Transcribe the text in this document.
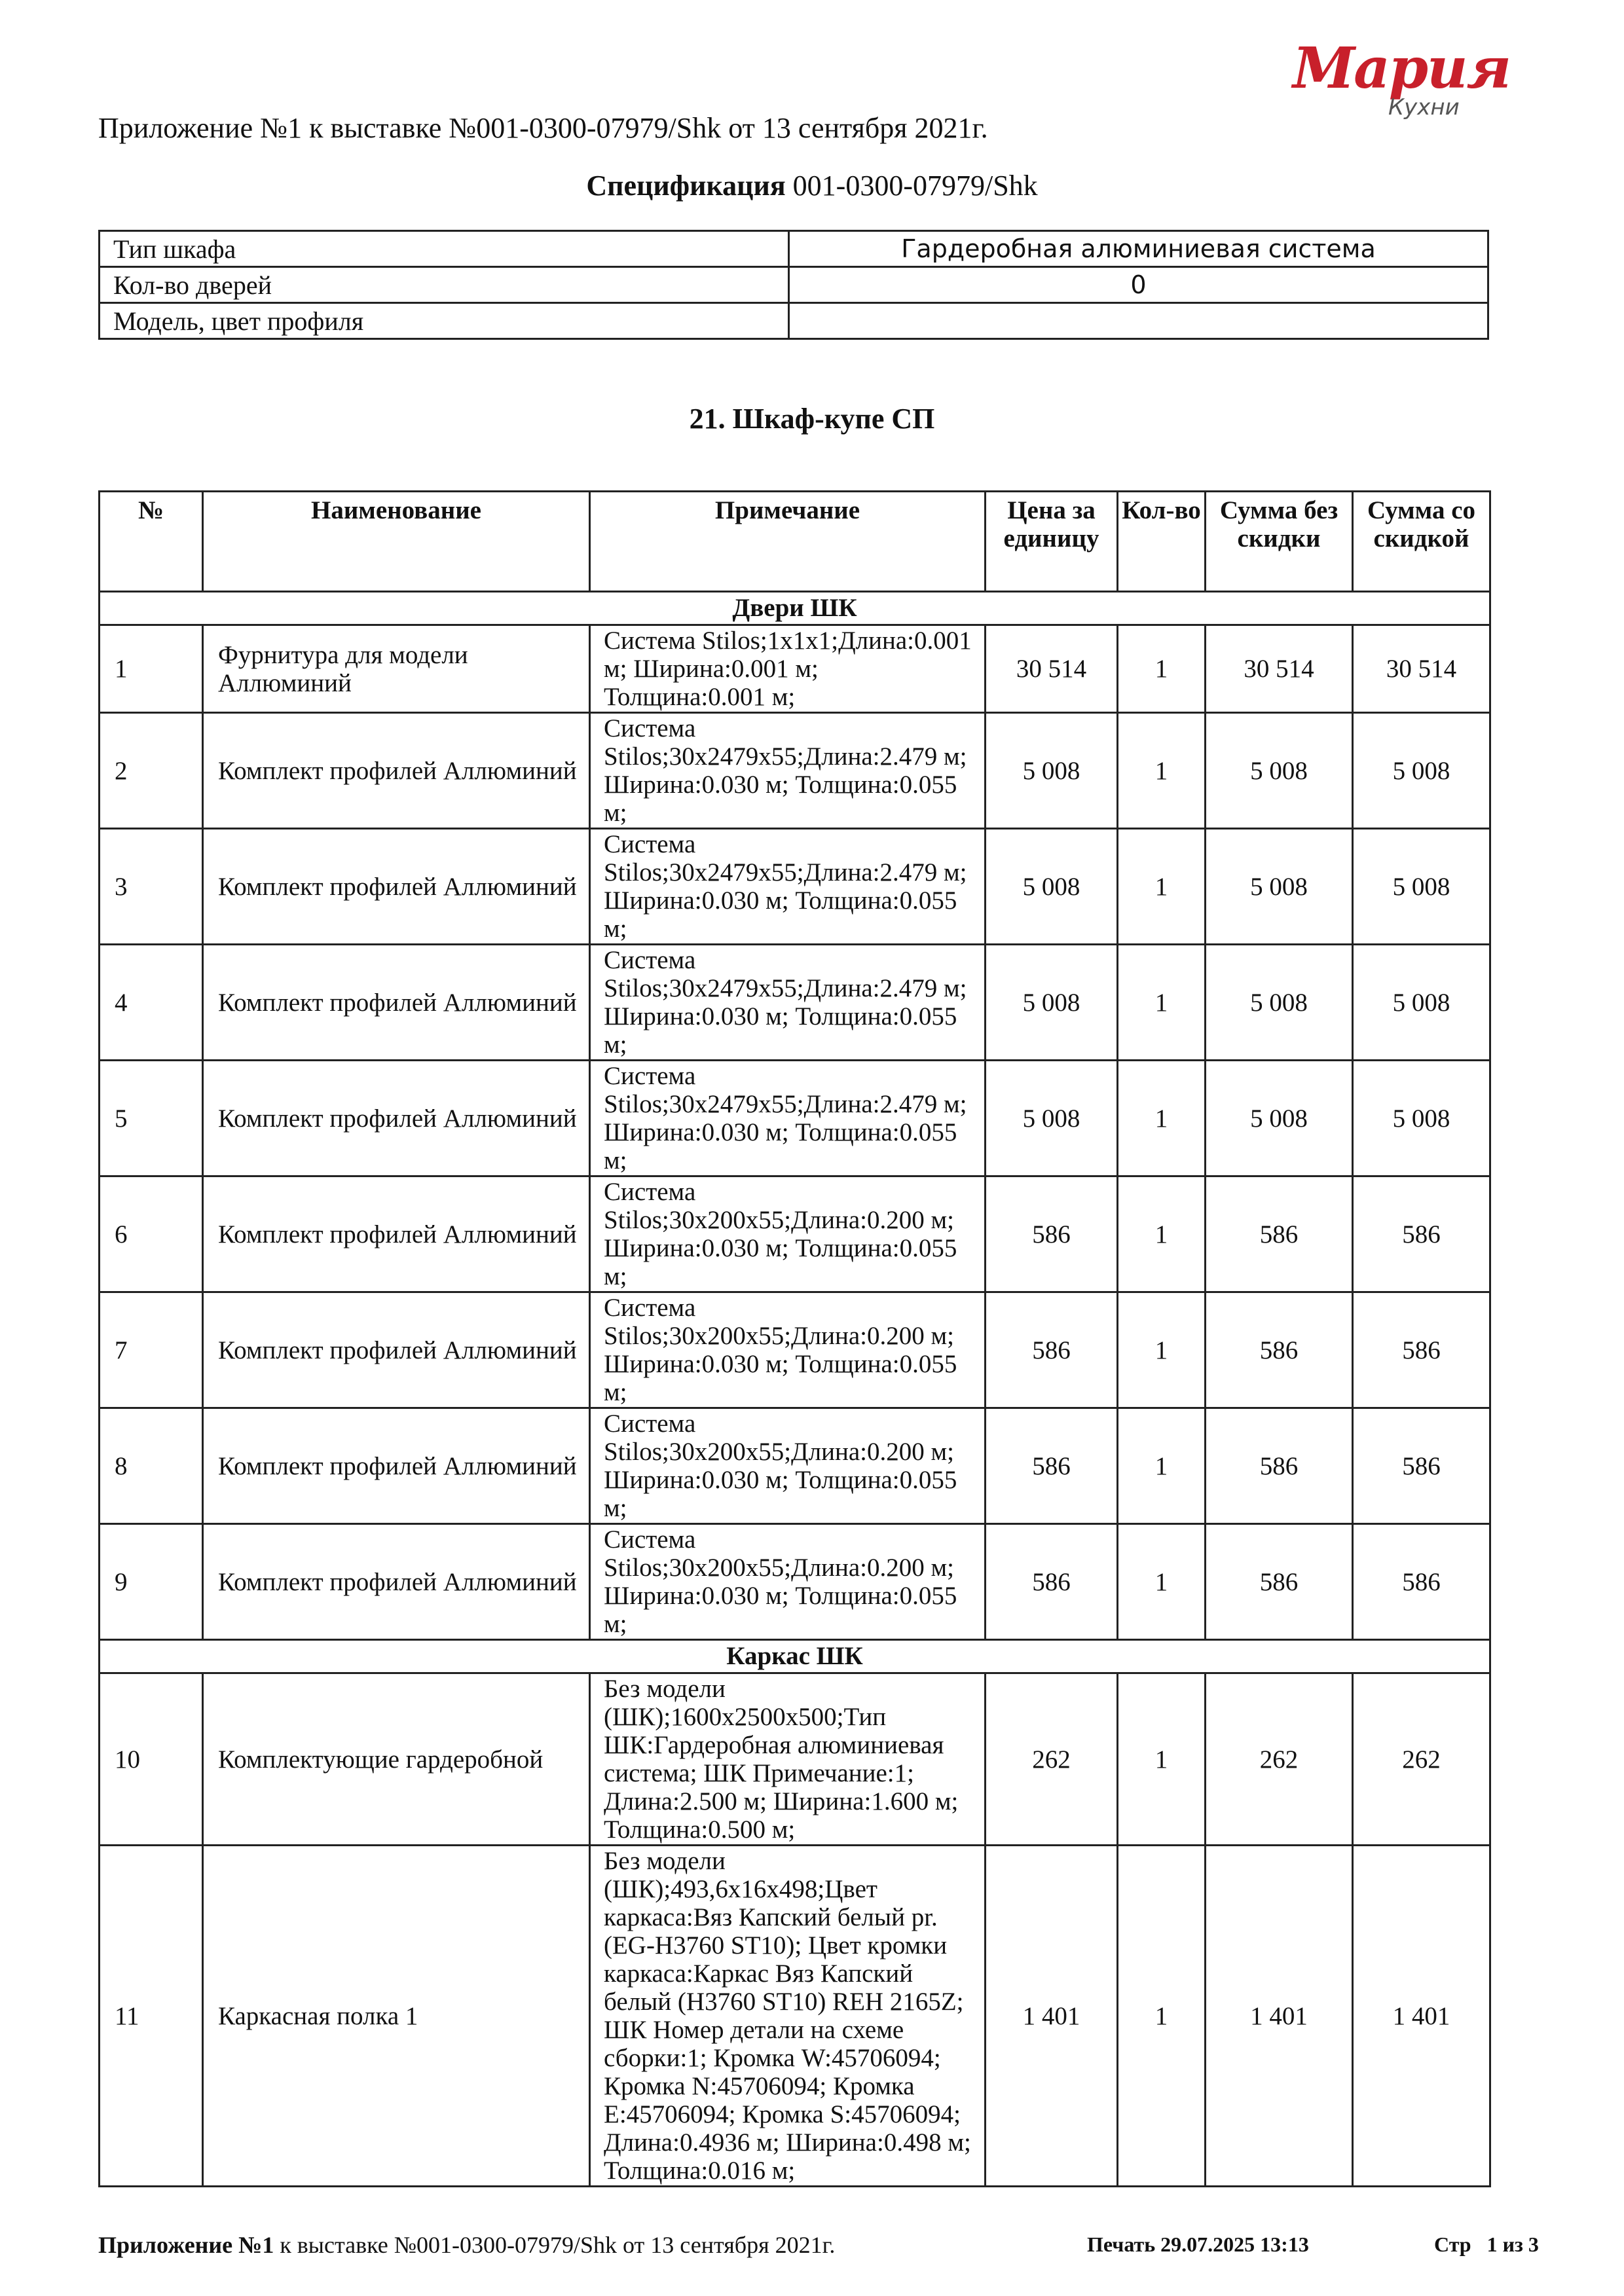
Мария
Кухни
Приложение №1 к выставке №001-0300-07979/Shk от 13 сентября 2021г.
Спецификация 001-0300-07979/Shk
Тип шкафа	Гардеробная алюминиевая система
Кол-во дверей	0
Модель, цвет профиля	
21. Шкаф-купе СП
№	Наименование	Примечание	Цена за единицу	Кол-во	Сумма без скидки	Сумма со скидкой
Двери ШК						
1	Фурнитура для модели Аллюминий	Система Stilos;1x1x1;Длина:0.001 м; Ширина:0.001 м; Толщина:0.001 м;	30 514	1	30 514	30 514
2	Комплект профилей Аллюминий	Система Stilos;30x2479x55;Длина:2.479 м; Ширина:0.030 м; Толщина:0.055 м;	5 008	1	5 008	5 008
3	Комплект профилей Аллюминий	Система Stilos;30x2479x55;Длина:2.479 м; Ширина:0.030 м; Толщина:0.055 м;	5 008	1	5 008	5 008
4	Комплект профилей Аллюминий	Система Stilos;30x2479x55;Длина:2.479 м; Ширина:0.030 м; Толщина:0.055 м;	5 008	1	5 008	5 008
5	Комплект профилей Аллюминий	Система Stilos;30x2479x55;Длина:2.479 м; Ширина:0.030 м; Толщина:0.055 м;	5 008	1	5 008	5 008
6	Комплект профилей Аллюминий	Система Stilos;30x200x55;Длина:0.200 м; Ширина:0.030 м; Толщина:0.055 м;	586	1	586	586
7	Комплект профилей Аллюминий	Система Stilos;30x200x55;Длина:0.200 м; Ширина:0.030 м; Толщина:0.055 м;	586	1	586	586
8	Комплект профилей Аллюминий	Система Stilos;30x200x55;Длина:0.200 м; Ширина:0.030 м; Толщина:0.055 м;	586	1	586	586
9	Комплект профилей Аллюминий	Система Stilos;30x200x55;Длина:0.200 м; Ширина:0.030 м; Толщина:0.055 м;	586	1	586	586
Каркас ШК						
10	Комплектующие гардеробной	Без модели (ШК);1600x2500x500;Тип ШК:Гардеробная алюминиевая система; ШК Примечание:1; Длина:2.500 м; Ширина:1.600 м; Толщина:0.500 м;	262	1	262	262
11	Каркасная полка 1	Без модели (ШК);493,6x16x498;Цвет каркаса:Вяз Капский белый pr. (EG-H3760 ST10); Цвет кромки каркаса:Каркас Вяз Капский белый (H3760 ST10) REH 2165Z; ШК Номер детали на схеме сборки:1; Кромка W:45706094; Кромка N:45706094; Кромка E:45706094; Кромка S:45706094; Длина:0.4936 м; Ширина:0.498 м; Толщина:0.016 м;	1 401	1	1 401	1 401
Приложение №1 к выставке №001-0300-07979/Shk от 13 сентября 2021г.	Печать 29.07.2025 13:13	Стр   1 из 3
